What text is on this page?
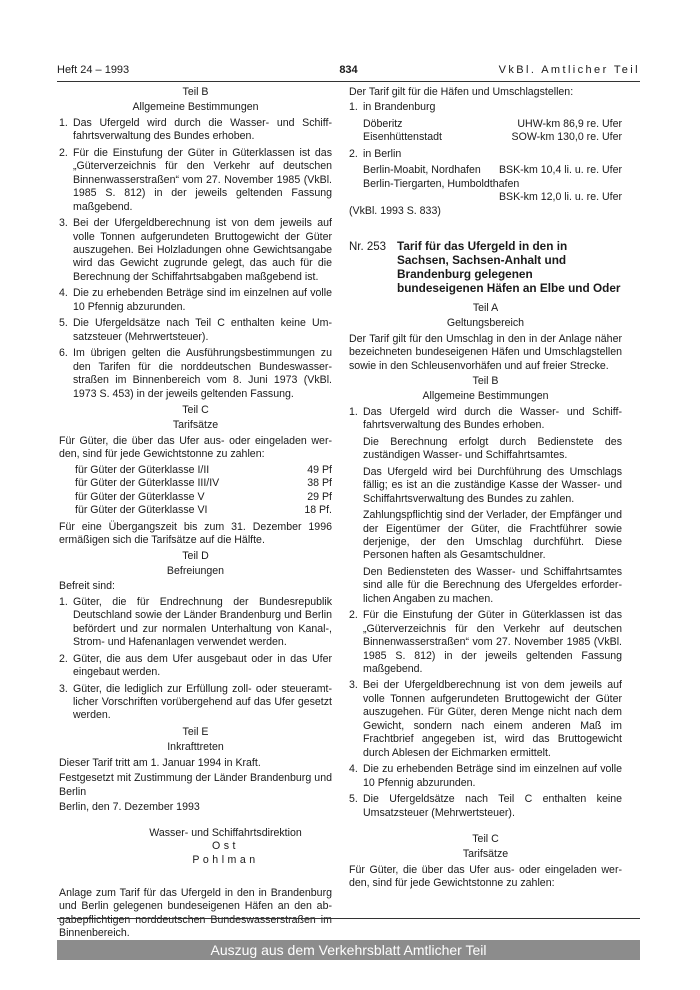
Heft 24 – 1993	834	VkBl. Amtlicher Teil
Teil B
Allgemeine Bestimmungen
1. Das Ufergeld wird durch die Wasser- und Schifffahrtsverwaltung des Bundes erhoben.
2. Für die Einstufung der Güter in Güterklassen ist das „Güterverzeichnis für den Verkehr auf deutschen Binnenwasserstraßen“ vom 27. November 1985 (VkBl. 1985 S. 812) in der jeweils geltenden Fassung maßgebend.
3. Bei der Ufergeldberechnung ist von dem jeweils auf volle Tonnen aufgerundeten Bruttogewicht der Güter auszugehen. Bei Holzladungen ohne Gewichtsangabe wird das Gewicht zugrunde gelegt, das auch für die Berechnung der Schiffahrtsabgaben maßgebend ist.
4. Die zu erhebenden Beträge sind im einzelnen auf volle 10 Pfennig abzurunden.
5. Die Ufergeldsätze nach Teil C enthalten keine Umsatzsteuer (Mehrwertsteuer).
6. Im übrigen gelten die Ausführungsbestimmungen zu den Tarifen für die norddeutschen Bundeswasserstraßen im Binnenbereich vom 8. Juni 1973 (VkBl. 1973 S. 453) in der jeweils geltenden Fassung.
Teil C
Tarifsätze

Für Güter, die über das Ufer aus- oder eingeladen werden, sind für jede Gewichtstonne zu zahlen:

für Güter der Güterklasse I/II	49 Pf
für Güter der Güterklasse III/IV	38 Pf
für Güter der Güterklasse V	29 Pf
für Güter der Güterklasse VI	18 Pf.

Für eine Übergangszeit bis zum 31. Dezember 1996 ermäßigen sich die Tarifsätze auf die Hälfte.

Teil D
Befreiungen

Befreit sind:

1. Güter, die für Endrechnung der Bundesrepublik Deutschland sowie der Länder Brandenburg und Berlin befördert und zur normalen Unterhaltung von Kanal-, Strom- und Hafenanlagen verwendet werden.
2. Güter, die aus dem Ufer ausgebaut oder in das Ufer eingebaut werden.
3. Güter, die lediglich zur Erfüllung zoll- oder steueramtlicher Vorschriften vorübergehend auf das Ufer gesetzt werden.
Teil E
Inkrafttreten

Dieser Tarif tritt am 1. Januar 1994 in Kraft.

Festgesetzt mit Zustimmung der Länder Brandenburg und Berlin

Berlin, den 7. Dezember 1993

Wasser- und Schiffahrtsdirektion
Ost
Pohlman

Anlage zum Tarif für das Ufergeld in den in Brandenburg und Berlin gelegenen bundeseigenen Häfen an den abgabepflichtigen norddeutschen Bundeswasserstraßen im Binnenbereich.

Der Tarif gilt für die Häfen und Umschlagstellen:

1. in Brandenburg
Döberitz	UHW-km 86,9 re. Ufer
Eisenhüttenstadt	SOW-km 130,0 re. Ufer
2. in Berlin
Berlin-Moabit, Nordhafen BSK-km 10,4 li. u. re. Ufer
Berlin-Tiergarten, Humboldthafen
BSK-km 12,0 li. u. re. Ufer

(VkBl. 1993 S. 833)

Nr. 253 Tarif für das Ufergeld in den in Sachsen, Sachsen-Anhalt und Brandenburg gelegenen bundeseigenen Häfen an Elbe und Oder
Teil A
Geltungsbereich

Der Tarif gilt für den Umschlag in den in der Anlage näher bezeichneten bundeseigenen Häfen und Umschlagstellen sowie in den Schleusenvorhäfen und auf freier Strecke.

Teil B
Allgemeine Bestimmungen
1. Das Ufergeld wird durch die Wasser- und Schifffahrtsverwaltung des Bundes erhoben.

Die Berechnung erfolgt durch Bedienstete des zuständigen Wasser- und Schiffahrtsamtes.

Das Ufergeld wird bei Durchführung des Umschlags fällig; es ist an die zuständige Kasse der Wasser- und Schiffahrtsverwaltung des Bundes zu zahlen.

Zahlungspflichtig sind der Verlader, der Empfänger und der Eigentümer der Güter, die Frachtführer sowie derjenige, der den Umschlag durchführt. Diese Personen haften als Gesamtschuldner.

Den Bediensteten des Wasser- und Schiffahrtsamtes sind alle für die Berechnung des Ufergeldes erforderlichen Angaben zu machen.

2. Für die Einstufung der Güter in Güterklassen ist das „Güterverzeichnis für den Verkehr auf deutschen Binnenwasserstraßen“ vom 27. November 1985 (VkBl. 1985 S. 812) in der jeweils geltenden Fassung maßgebend.
3. Bei der Ufergeldberechnung ist von dem jeweils auf volle Tonnen aufgerundeten Bruttogewicht der Güter auszugehen. Für Güter, deren Menge nicht nach dem Gewicht, sondern nach einem anderen Maß im Frachtbrief angegeben ist, wird das Bruttogewicht durch Ablesen der Eichmarken ermittelt.
4. Die zu erhebenden Beträge sind im einzelnen auf volle 10 Pfennig abzurunden.
5. Die Ufergeldsätze nach Teil C enthalten keine Umsatzsteuer (Mehrwertsteuer).
Teil C
Tarifsätze

Für Güter, die über das Ufer aus- oder eingeladen werden, sind für jede Gewichtstonne zu zahlen:

Auszug aus dem Verkehrsblatt Amtlicher Teil
